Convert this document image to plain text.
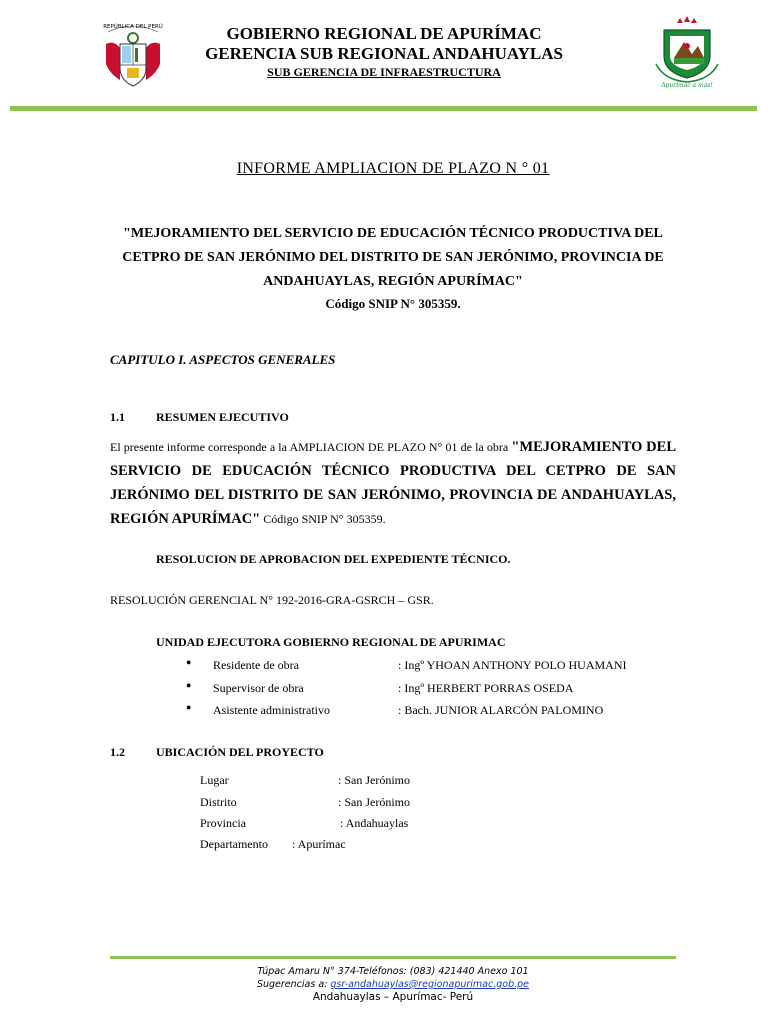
REPÚBLICA DEL PERÚ
Apurímac a más!
GOBIERNO REGIONAL DE APURÍMAC
GERENCIA SUB REGIONAL ANDAHUAYLAS
SUB GERENCIA DE INFRAESTRUCTURA
INFORME AMPLIACION DE PLAZO N ° 01
"MEJORAMIENTO DEL SERVICIO DE EDUCACIÓN TÉCNICO PRODUCTIVA DEL CETPRO DE SAN JERÓNIMO DEL DISTRITO DE SAN JERÓNIMO, PROVINCIA DE ANDAHUAYLAS, REGIÓN APURÍMAC"
Código SNIP N° 305359.
CAPITULO I. ASPECTOS GENERALES
1.1	RESUMEN EJECUTIVO
El presente informe corresponde a la AMPLIACION DE PLAZO N° 01 de la obra "MEJORAMIENTO DEL SERVICIO DE EDUCACIÓN TÉCNICO PRODUCTIVA DEL CETPRO DE SAN JERÓNIMO DEL DISTRITO DE SAN JERÓNIMO, PROVINCIA DE ANDAHUAYLAS, REGIÓN APURÍMAC" Código SNIP N° 305359.
RESOLUCION DE APROBACION DEL EXPEDIENTE TÉCNICO.
RESOLUCIÓN GERENCIAL N° 192-2016-GRA-GSRCH – GSR.
UNIDAD EJECUTORA GOBIERNO REGIONAL DE APURIMAC
● Residente de obra	: Ingº YHOAN ANTHONY POLO HUAMANI
● Supervisor de obra	: Ingº HERBERT PORRAS OSEDA
● Asistente administrativo	: Bach. JUNIOR ALARCÓN PALOMINO
1.2	UBICACIÓN DEL PROYECTO
Lugar	: San Jerónimo
Distrito	: San Jerónimo
Provincia	: Andahuaylas
Departamento : Apurímac
Túpac Amaru N° 374-Teléfonos: (083) 421440 Anexo 101
Sugerencias a: gsr-andahuaylas@regionapurimac.gob.pe
Andahuaylas – Apurímac- Perú
